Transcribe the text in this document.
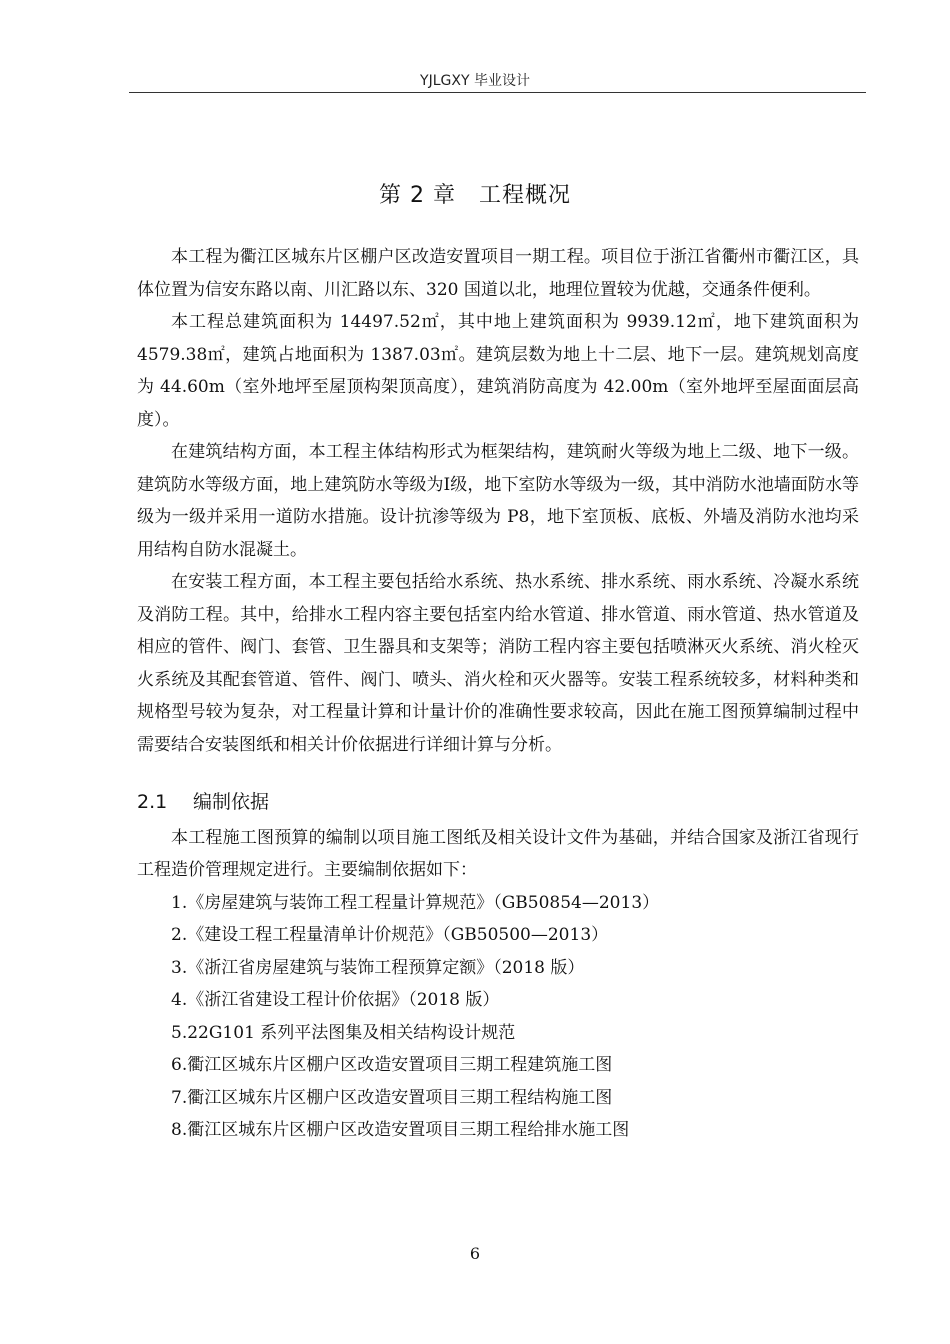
YJLGXY 毕业设计
第 2 章　工程概况

本工程为衢江区城东片区棚户区改造安置项目一期工程。项目位于浙江省衢州市衢江区，具体位置为信安东路以南、川汇路以东、320 国道以北，地理位置较为优越，交通条件便利。

本工程总建筑面积为 14497.52㎡，其中地上建筑面积为 9939.12㎡，地下建筑面积为 4579.38㎡，建筑占地面积为 1387.03㎡。建筑层数为地上十二层、地下一层。建筑规划高度为 44.60m（室外地坪至屋顶构架顶高度），建筑消防高度为 42.00m（室外地坪至屋面面层高度）。

在建筑结构方面，本工程主体结构形式为框架结构，建筑耐火等级为地上二级、地下一级。建筑防水等级方面，地上建筑防水等级为Ⅰ级，地下室防水等级为一级，其中消防水池墙面防水等级为一级并采用一道防水措施。设计抗渗等级为 P8，地下室顶板、底板、外墙及消防水池均采用结构自防水混凝土。

在安装工程方面，本工程主要包括给水系统、热水系统、排水系统、雨水系统、冷凝水系统及消防工程。其中，给排水工程内容主要包括室内给水管道、排水管道、雨水管道、热水管道及相应的管件、阀门、套管、卫生器具和支架等；消防工程内容主要包括喷淋灭火系统、消火栓灭火系统及其配套管道、管件、阀门、喷头、消火栓和灭火器等。安装工程系统较多，材料种类和规格型号较为复杂，对工程量计算和计量计价的准确性要求较高，因此在施工图预算编制过程中需要结合安装图纸和相关计价依据进行详细计算与分析。

2.1 编制依据

本工程施工图预算的编制以项目施工图纸及相关设计文件为基础，并结合国家及浙江省现行工程造价管理规定进行。主要编制依据如下：

1.《房屋建筑与装饰工程工程量计算规范》（GB50854—2013）

2.《建设工程工程量清单计价规范》（GB50500—2013）

3.《浙江省房屋建筑与装饰工程预算定额》（2018 版）

4.《浙江省建设工程计价依据》（2018 版）

5.22G101 系列平法图集及相关结构设计规范

6.衢江区城东片区棚户区改造安置项目三期工程建筑施工图

7.衢江区城东片区棚户区改造安置项目三期工程结构施工图

8.衢江区城东片区棚户区改造安置项目三期工程给排水施工图

6
